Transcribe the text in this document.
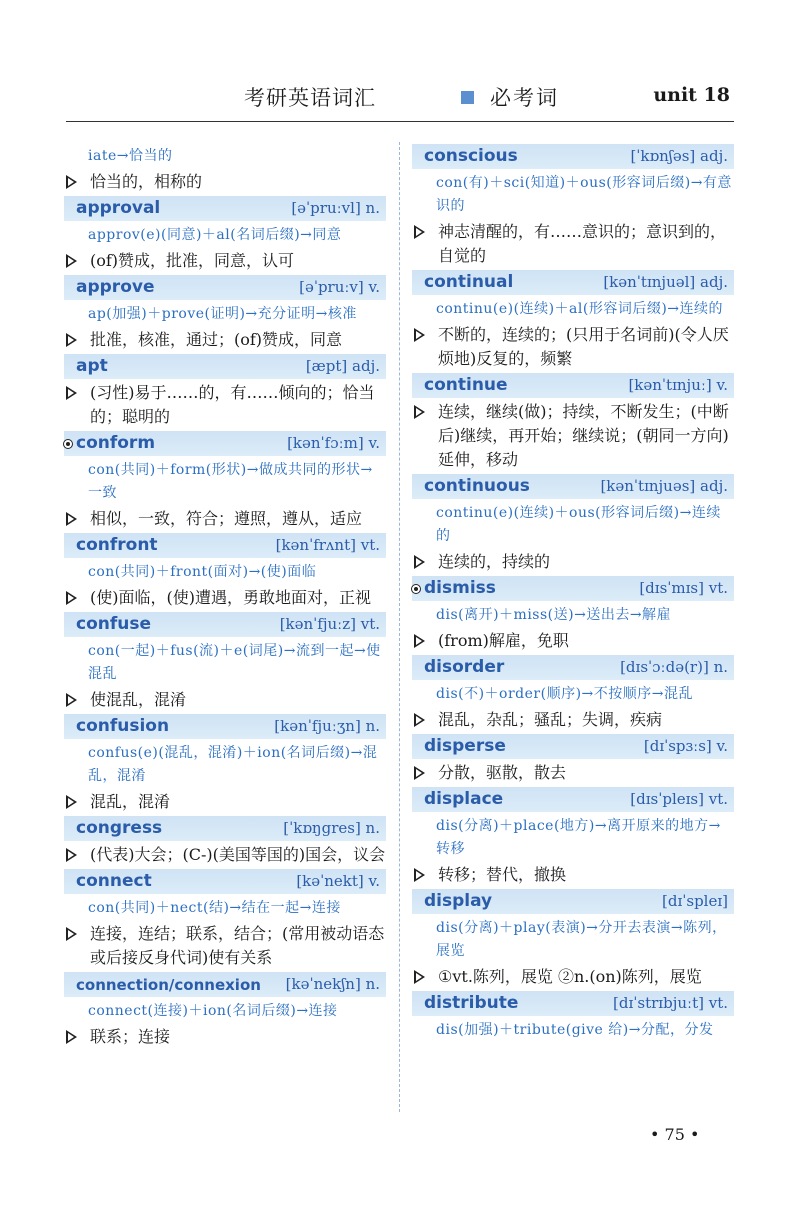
考研英语词汇	必考词	unit 18
iate→恰当的
恰当的，相称的
approval	[əˈpruːvl] n.
approv(e)(同意)＋al(名词后缀)→同意
(of)赞成，批准，同意，认可
approve	[əˈpruːv] v.
ap(加强)＋prove(证明)→充分证明→核准
批准，核准，通过；(of)赞成，同意
apt	[æpt] adj.
(习性)易于……的，有……倾向的；恰当的；聪明的
conform	[kənˈfɔːm] v.
con(共同)＋form(形状)→做成共同的形状→一致
相似，一致，符合；遵照，遵从，适应
confront	[kənˈfrʌnt] vt.
con(共同)＋front(面对)→(使)面临
(使)面临，(使)遭遇，勇敢地面对，正视
confuse	[kənˈfjuːz] vt.
con(一起)＋fus(流)＋e(词尾)→流到一起→使混乱
使混乱，混淆
confusion	[kənˈfjuːʒn] n.
confus(e)(混乱，混淆)＋ion(名词后缀)→混乱，混淆
混乱，混淆
congress	[ˈkɒŋgres] n.
(代表)大会；(C-)(美国等国的)国会，议会
connect	[kəˈnekt] v.
con(共同)＋nect(结)→结在一起→连接
连接，连结；联系，结合；(常用被动语态或后接反身代词)使有关系
connection/connexion [kəˈnekʃn] n.
connect(连接)＋ion(名词后缀)→连接
联系；连接
conscious	[ˈkɒnʃəs] adj.
con(有)＋sci(知道)＋ous(形容词后缀)→有意识的
神志清醒的，有……意识的；意识到的，自觉的
continual	[kənˈtɪnjuəl] adj.
continu(e)(连续)＋al(形容词后缀)→连续的
不断的，连续的；(只用于名词前)(令人厌烦地)反复的，频繁
continue	[kənˈtɪnjuː] v.
连续，继续(做)；持续，不断发生；(中断后)继续，再开始；继续说；(朝同一方向)延伸，移动
continuous	[kənˈtɪnjuəs] adj.
continu(e)(连续)＋ous(形容词后缀)→连续的
连续的，持续的
dismiss	[dɪsˈmɪs] vt.
dis(离开)＋miss(送)→送出去→解雇
(from)解雇，免职
disorder	[dɪsˈɔːdə(r)] n.
dis(不)＋order(顺序)→不按顺序→混乱
混乱，杂乱；骚乱；失调，疾病
disperse	[dɪˈspɜːs] v.
分散，驱散，散去
displace	[dɪsˈpleɪs] vt.
dis(分离)＋place(地方)→离开原来的地方→转移
转移；替代，撤换
display	[dɪˈspleɪ]
dis(分离)＋play(表演)→分开去表演→陈列，展览
①vt.陈列，展览 ②n.(on)陈列，展览
distribute	[dɪˈstrɪbjuːt] vt.
dis(加强)＋tribute(give 给)→分配，分发
• 75 •
